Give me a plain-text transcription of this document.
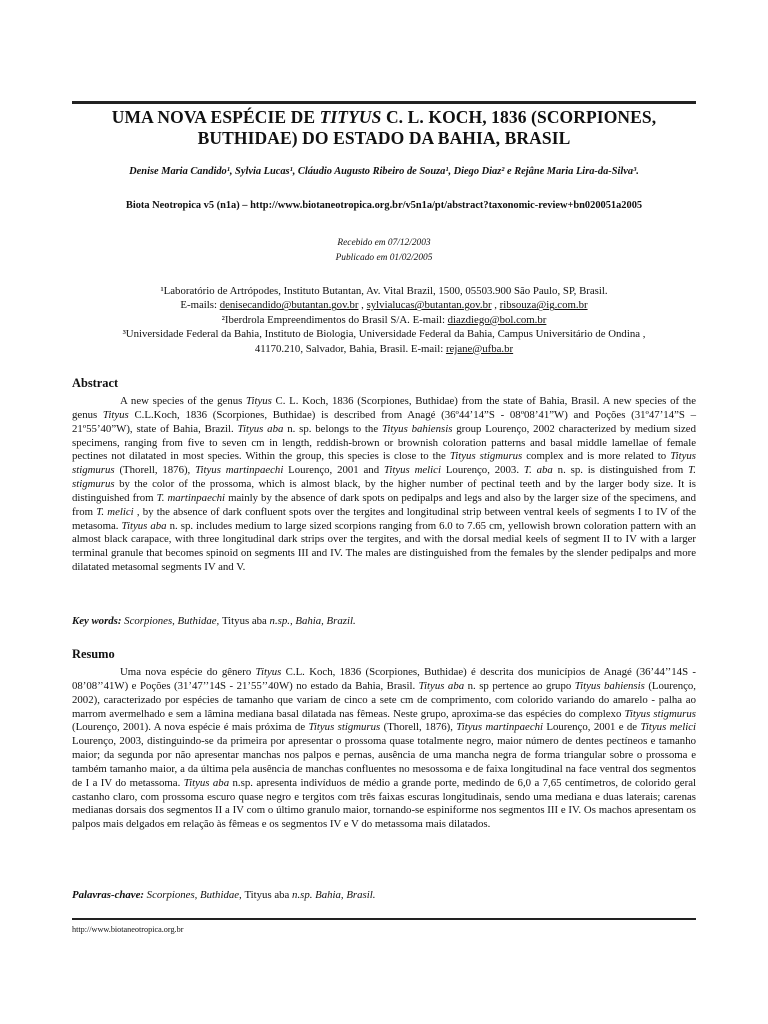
UMA NOVA ESPÉCIE DE TITYUS C. L. KOCH, 1836 (SCORPIONES,
BUTHIDAE) DO ESTADO DA BAHIA, BRASIL
Denise Maria Candido¹, Sylvia Lucas¹, Cláudio Augusto Ribeiro de Souza¹, Diego Diaz² e Rejâne Maria Lira-da-Silva³.
Biota Neotropica v5 (n1a) – http://www.biotaneotropica.org.br/v5n1a/pt/abstract?taxonomic-review+bn020051a2005
Recebido em 07/12/2003
Publicado em 01/02/2005
¹Laboratório de Artrópodes, Instituto Butantan, Av. Vital Brazil, 1500, 05503.900 São Paulo, SP, Brasil.
E-mails: denisecandido@butantan.gov.br , sylvialucas@butantan.gov.br , ribsouza@ig.com.br
²Iberdrola Empreendimentos do Brasil S/A. E-mail: diazdiego@bol.com.br
³Universidade Federal da Bahia, Instituto de Biologia, Universidade Federal da Bahia, Campus Universitário de Ondina ,
41170.210, Salvador, Bahia, Brasil. E-mail: rejane@ufba.br
Abstract
A new species of the genus Tityus C. L. Koch, 1836 (Scorpiones, Buthidae) from the state of Bahia, Brasil. A new species of the genus Tityus C.L.Koch, 1836 (Scorpiones, Buthidae) is described from Anagé (36º44’14”S - 08º08’41”W) and Poções (31º47’14”S – 21º55’40”W), state of Bahia, Brazil. Tityus aba n. sp. belongs to the Tityus bahiensis group Lourenço, 2002 characterized by medium sized specimens, ranging from five to seven cm in length, reddish-brown or brownish coloration patterns and basal middle lamellae of female pectines not dilatated in most species. Within the group, this species is close to the Tityus stigmurus complex and is more related to Tityus stigmurus (Thorell, 1876), Tityus martinpaechi Lourenço, 2001 and Tityus melici Lourenço, 2003. T. aba n. sp. is distinguished from T. stigmurus by the color of the prossoma, which is almost black, by the higher number of pectinal teeth and by the larger body size. It is distinguished from T. martinpaechi mainly by the absence of dark spots on pedipalps and legs and also by the larger size of the specimens, and from T. melici , by the absence of dark confluent spots over the tergites and longitudinal strip between ventral keels of segments I to IV of the metasoma. Tityus aba n. sp. includes medium to large sized scorpions ranging from 6.0 to 7.65 cm, yellowish brown coloration pattern with an almost black carapace, with three longitudinal dark strips over the tergites, and with the dorsal medial keels of segment II to IV with a larger terminal granule that becomes spinoid on segments III and IV. The males are distinguished from the females by the slender pedipalps and more dilatated metasomal segments IV and V.
Key words: Scorpiones, Buthidae, Tityus aba n.sp., Bahia, Brazil.
Resumo
Uma nova espécie do gênero Tityus C.L. Koch, 1836 (Scorpiones, Buthidae) é descrita dos municípios de Anagé (36’44’’14S - 08’08’’41W) e Poções (31’47’’14S - 21’55’’40W) no estado da Bahia, Brasil. Tityus aba n. sp pertence ao grupo Tityus bahiensis (Lourenço, 2002), caracterizado por espécies de tamanho que variam de cinco a sete cm de comprimento, com colorido variando do amarelo - palha ao marrom avermelhado e sem a lâmina mediana basal dilatada nas fêmeas. Neste grupo, aproxima-se das espécies do complexo Tityus stigmurus (Lourenço, 2001). A nova espécie é mais próxima de Tityus stigmurus (Thorell, 1876), Tityus martinpaechi Lourenço, 2001 e de Tityus melici Lourenço, 2003, distinguindo-se da primeira por apresentar o prossoma quase totalmente negro, maior número de dentes pectíneos e tamanho maior; da segunda por não apresentar manchas nos palpos e pernas, ausência de uma mancha negra de forma triangular sobre o prossoma e também tamanho maior, a da última pela ausência de manchas confluentes no mesossoma e de faixa longitudinal na face ventral dos segmentos de I a IV do metassoma. Tityus aba n.sp. apresenta indivíduos de médio a grande porte, medindo de 6,0 a 7,65 centímetros, de colorido geral castanho claro, com prossoma escuro quase negro e tergitos com três faixas escuras longitudinais, sendo uma mediana e duas laterais; carenas medianas dorsais dos segmentos II a IV com o último granulo maior, tornando-se espiniforme nos segmentos III e IV. Os machos apresentam os palpos mais delgados em relação às fêmeas e os segmentos IV e V do metassoma mais dilatados.
Palavras-chave: Scorpiones, Buthidae, Tityus aba n.sp. Bahia, Brasil.
http://www.biotaneotropica.org.br
